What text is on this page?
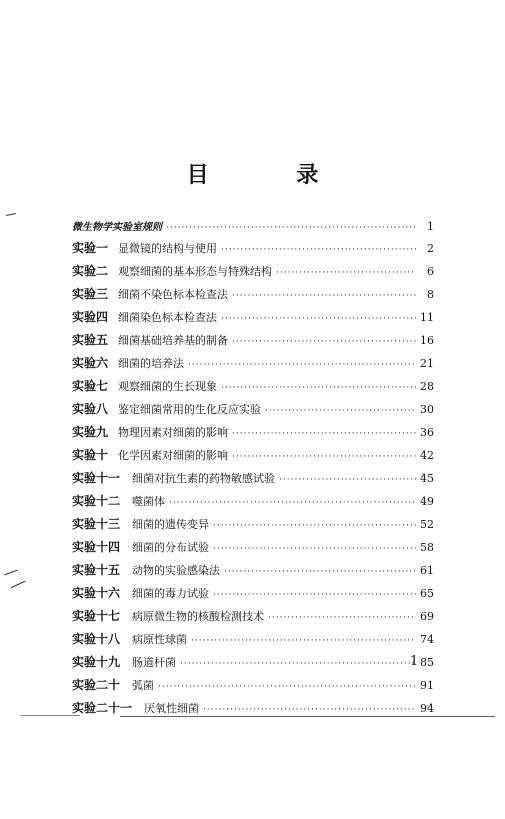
目 录
微生物学实验室规则 ·····	1
实验一 显微镜的结构与使用 ·····	2
实验二 观察细菌的基本形态与特殊结构 ·····	6
实验三 细菌不染色标本检查法 ·····	8
实验四 细菌染色标本检查法 ·····	11
实验五 细菌基础培养基的制备 ·····	16
实验六 细菌的培养法 ·····	21
实验七 观察细菌的生长现象 ·····	28
实验八 鉴定细菌常用的生化反应实验 ·····	30
实验九 物理因素对细菌的影响 ·····	36
实验十 化学因素对细菌的影响 ·····	42
实验十一 细菌对抗生素的药物敏感试验 ·····	45
实验十二 噬菌体 ·····	49
实验十三 细菌的遗传变异 ·····	52
实验十四 细菌的分布试验 ·····	58
实验十五 动物的实验感染法 ·····	61
实验十六 细菌的毒力试验 ·····	65
实验十七 病原微生物的核酸检测技术 ·····	69
实验十八 病原性球菌 ·····	74
实验十九 肠道杆菌 ·····	85
实验二十 弧菌 ·····	91
实验二十一 厌氧性细菌 ·····	94
1
